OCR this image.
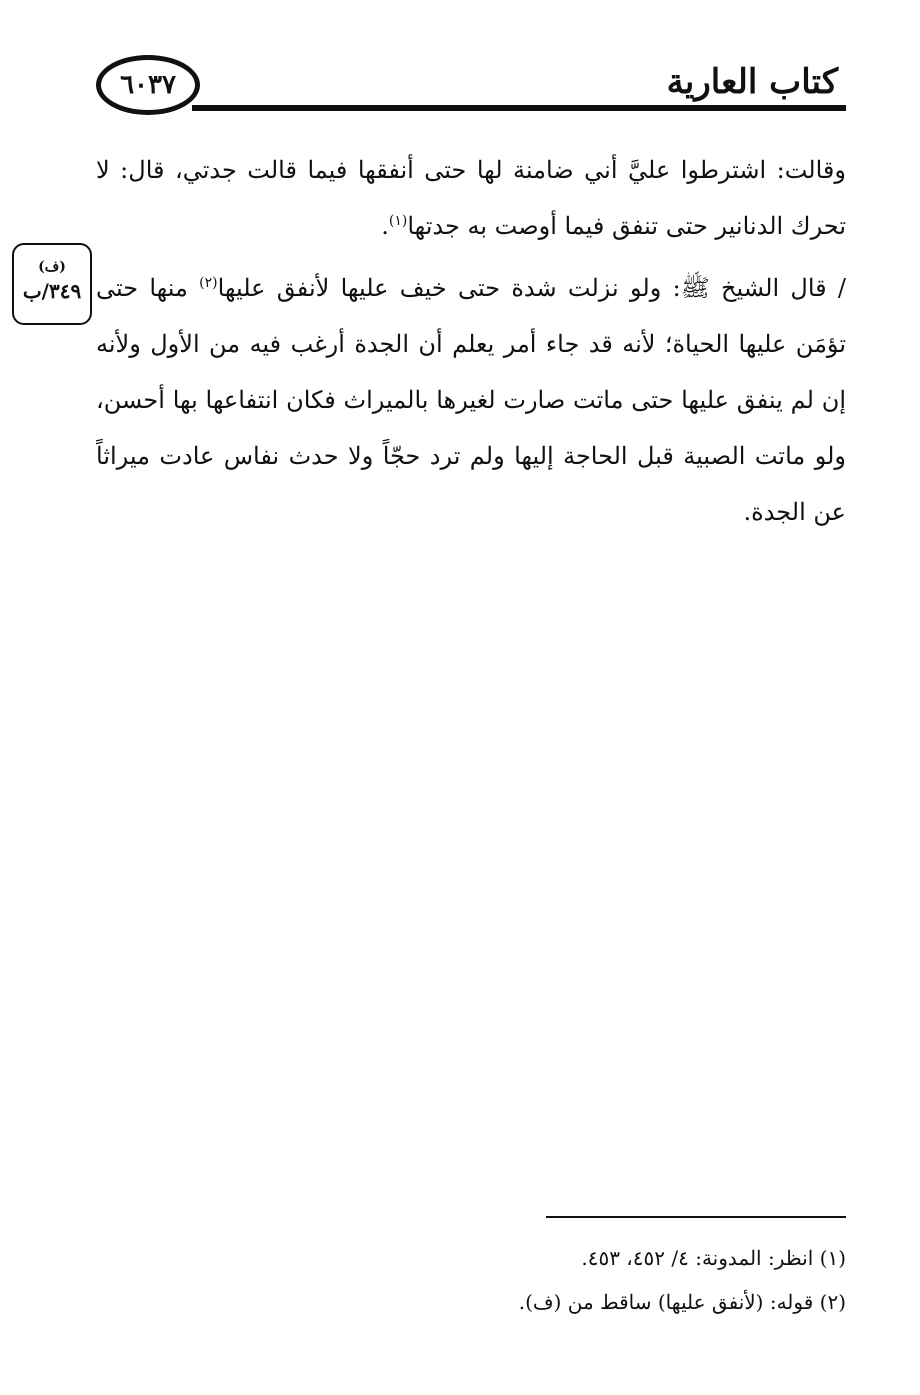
٦٠٣٧	كتاب العارية
(ف)
٣٤٩/ب

وقالت: اشترطوا عليَّ أني ضامنة لها حتى أنفقها فيما قالت جدتي، قال: لا تحرك الدنانير حتى تنفق فيما أوصت به جدتها$^{(١)}$.

/ قال الشيخ ﷺ: ولو نزلت شدة حتى خيف عليها لأنفق عليها$^{(٢)}$ منها حتى تؤمَن عليها الحياة؛ لأنه قد جاء أمر يعلم أن الجدة أرغب فيه من الأول ولأنه إن لم ينفق عليها حتى ماتت صارت لغيرها بالميراث فكان انتفاعها بها أحسن، ولو ماتت الصبية قبل الحاجة إليها ولم ترد حجّاً ولا حدث نفاس عادت ميراثاً عن الجدة.

(١) انظر: المدونة: ٤/ ٤٥٢، ٤٥٣.

(٢) قوله: (لأنفق عليها) ساقط من (ف).
